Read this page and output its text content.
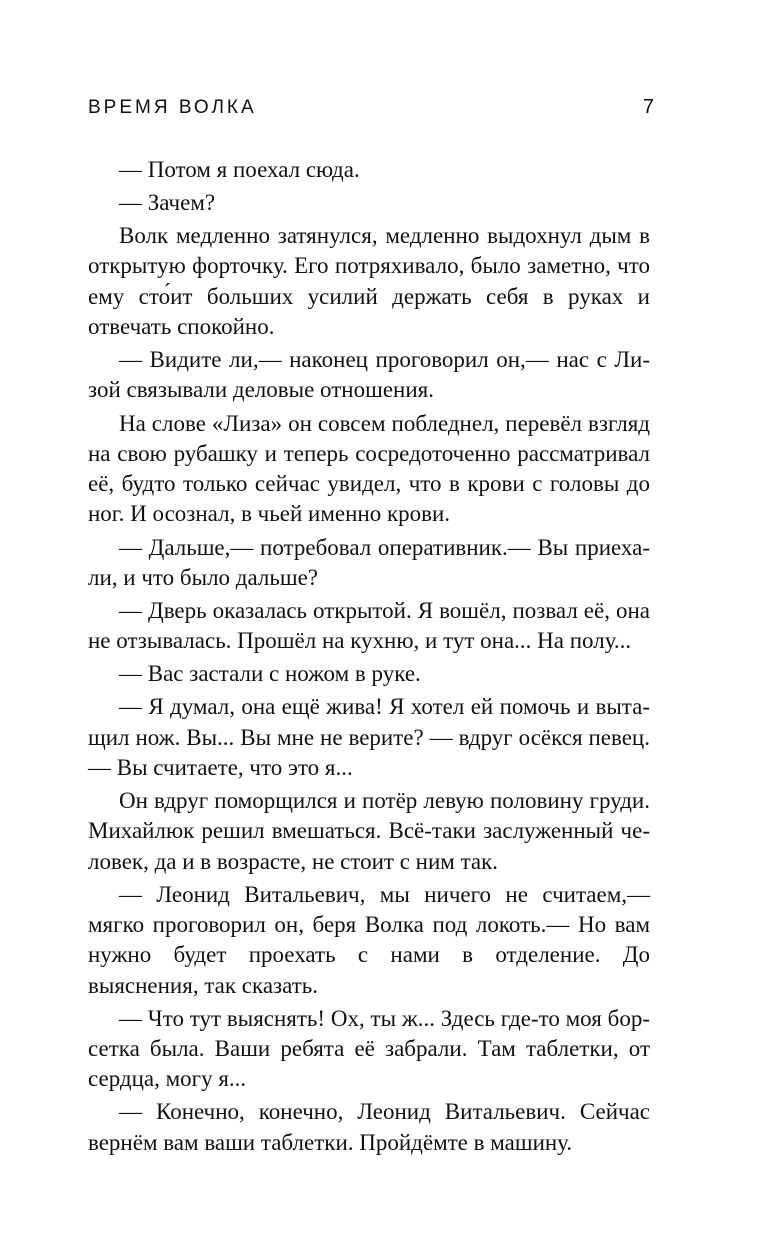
ВРЕМЯ ВОЛКА	7

— Потом я поехал сюда.

— Зачем?

Волк медленно затянулся, медленно выдохнул дым в открытую форточку. Его потряхивало, было заметно, что ему сто́ит больших усилий держать себя в руках и отвечать спокойно.

— Видите ли,— наконец проговорил он,— нас с Лизой связывали деловые отношения.

На слове «Лиза» он совсем побледнел, перевёл взгляд на свою рубашку и теперь сосредоточенно рассматривал её, будто только сейчас увидел, что в крови с головы до ног. И осознал, в чьей именно крови.

— Дальше,— потребовал оперативник.— Вы приехали, и что было дальше?

— Дверь оказалась открытой. Я вошёл, позвал её, она не отзывалась. Прошёл на кухню, и тут она... На полу...

— Вас застали с ножом в руке.

— Я думал, она ещё жива! Я хотел ей помочь и вытащил нож. Вы... Вы мне не верите? — вдруг осёкся певец.— Вы считаете, что это я...

Он вдруг поморщился и потёр левую половину груди. Михайлюк решил вмешаться. Всё-таки заслуженный человек, да и в возрасте, не стоит с ним так.

— Леонид Витальевич, мы ничего не считаем,— мягко проговорил он, беря Волка под локоть.— Но вам нужно будет проехать с нами в отделение. До выяснения, так сказать.

— Что тут выяснять! Ох, ты ж... Здесь где-то моя борсетка была. Ваши ребята её забрали. Там таблетки, от сердца, могу я...

— Конечно, конечно, Леонид Витальевич. Сейчас вернём вам ваши таблетки. Пройдёмте в машину.
